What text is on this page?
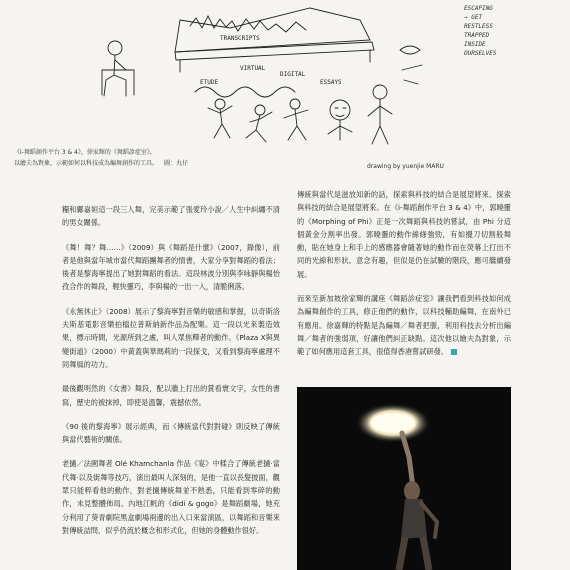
VIRTUAL
DIGITAL
ETUDE	ESSAYS
TRANSCRIPTS
ESCAPING
→ GET
RESTLESS
TRAPPED
INSIDE
OURSELVES
《i-舞蹈創作平台 3 & 4》，徐家輝的《舞蹈診症室》，
以繪夫為對象，示範如何以科技成為編舞創作的工具。 圖：丸仔	drawing by yuenjie MARU

糧和鄺嘉姮這一段三人舞，完美示範了張愛玲小說／人生中糾纏不清的男女關係。

《舞！舞？舞……》（2009）與《舞蹈是什麼》（2007，錄像），前者是他與當年城市當代舞蹈團舞者的情書，大家分享對舞蹈的看法；後者是黎海寧提出了她對舞蹈的看法。這段林波分別與李咏靜與楊怡孜合作的舞段，輕快靈巧，李與楊的一出一入，清脆俐落。

《永無休止》（2008）展示了黎海寧對音樂的敏感和掌握，以奇斯洛夫斯基電影音樂拍檔拉普斯納新作品為配樂。這一段以光來製造效果，標示時間，光源所到之處，叫人眾焦釋者的動作。《Plaza X與異變街道》（2000）中黃蓋與華瑪莉的一段探戈，又看到黎海寧處理不同舞風的功力。

最後觀明然的《女書》舞段，配以牆上打出的賞看寰文字，女性的書寫，歷史的被抹掉，即使是溫馨，震撼依然。

《90 後的黎海寧》展示經典，而《傳統當代對對碰》則反映了傳統與當代藝術的關係。

老撾／法國舞者 Olé Khamchanla 作品《宴》中糅合了傳統老撾‧當代舞‧以及街舞等技巧，演出最叫人深刻的，是他一直以長髮披面，觀眾只能粹看他的動作，對老撾傳統舞並不熟悉，只能看到零碎的動作，未見整體佈局。內地江帆的《didi & gogo》是舞蹈劇場，她充分利用了葵青劇院黑盒劇場兩邊的出入口來當演區，以舞蹈和音樂來對傳統詰問，似乎仍流於概念和形式化，但她的身體動作很好。

傳統與當代是滋放知新的話，探索與科技的結合是展望將來。探索與科技的結合是展望將來。在《i-舞蹈創作平台 3 & 4》中，郭曉靈的《Morphing of Phi》正是一次舞蹈與科技的嘗試，由 Phi 分這個黃金分割率出發。郭曉靈的動作線條強勁，有如攪刀切割般舞動，貼在她身上和手上的感應器會隨著她的動作而在熒幕上打出不同的光線和形狀。意念有趣，但似是仍在試驗的階段，應可繼續發展。

而來至新加坡徐家輝的講座《舞蹈診症室》讓我們看到科技如何成為編舞創作的工具，修正他們的動作，以科技輔助編舞，在南外已有應用。徐嘉輝的特點是為編舞／舞者把脈，利用科技去分析出編舞／舞者的強弱項，好讓他們糾正缺點。這次他以繪夫為對象，示範了如何應用這套工具，很值得香港嘗試研發。
